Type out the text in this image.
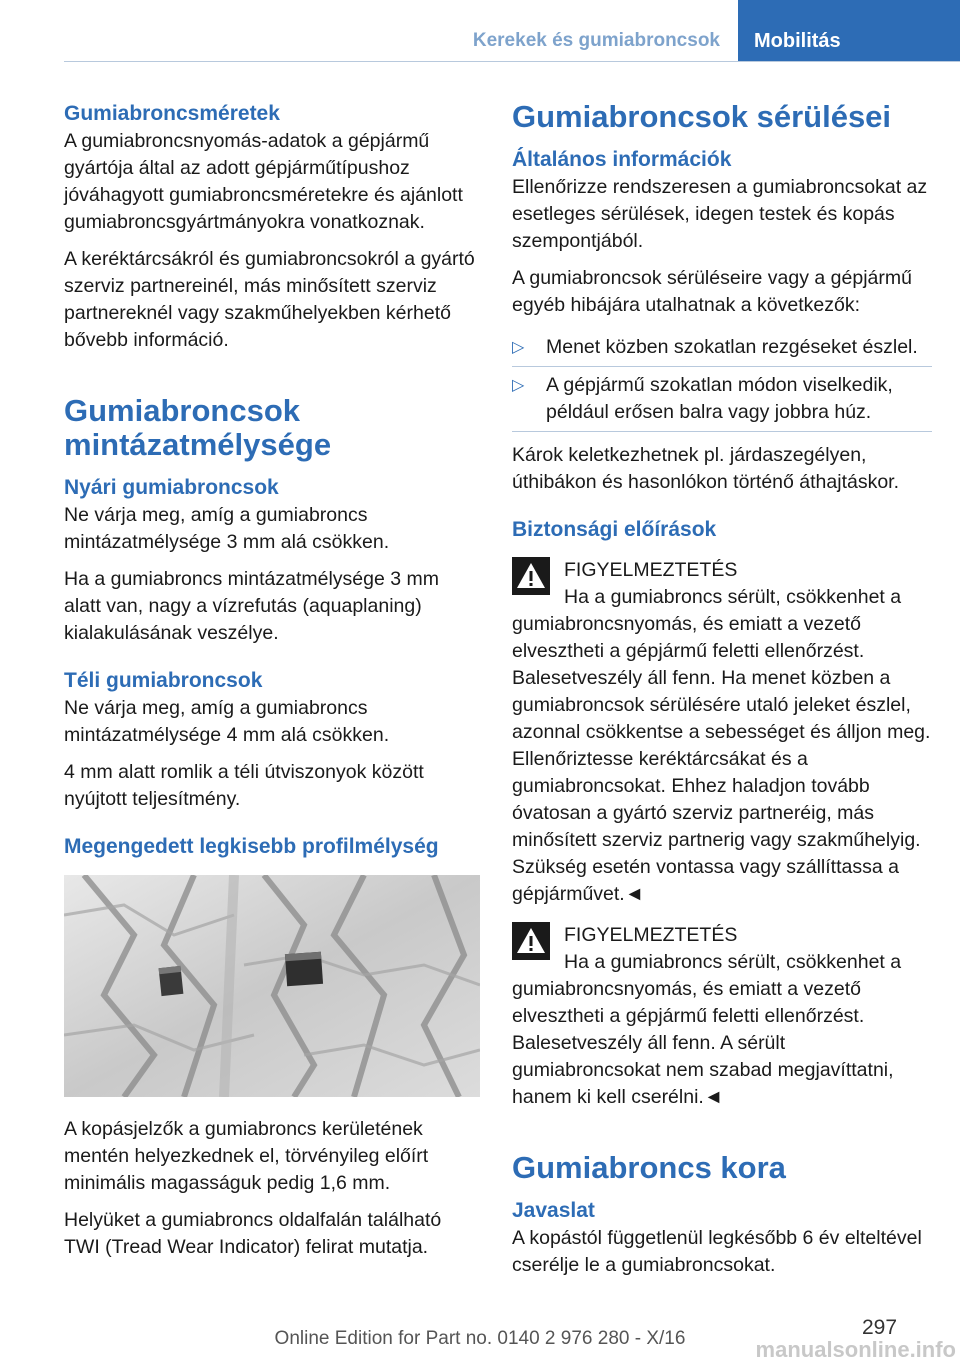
Kerekek és gumiabroncsok	Mobilitás
Gumiabroncsméretek

A gumiabroncsnyomás-adatok a gépjármű gyártója által az adott gépjárműtípushoz jóváhagyott gumiabroncsméretekre és ajánlott gumiabroncsgyártmányokra vonatkoznak.

A keréktárcsákról és gumiabroncsokról a gyártó szerviz partnereinél, más minősített szerviz partnereknél vagy szakműhelyekben kérhető bővebb információ.

Gumiabroncsok mintázatmélysége
Nyári gumiabroncsok

Ne várja meg, amíg a gumiabroncs mintázatmélysége 3 mm alá csökken.

Ha a gumiabroncs mintázatmélysége 3 mm alatt van, nagy a vízrefutás (aquaplaning) kialakulásának veszélye.

Téli gumiabroncsok

Ne várja meg, amíg a gumiabroncs mintázatmélysége 4 mm alá csökken.

4 mm alatt romlik a téli útviszonyok között nyújtott teljesítmény.

Megengedett legkisebb profilmélység

A kopásjelzők a gumiabroncs kerületének mentén helyezkednek el, törvényileg előírt minimális magasságuk pedig 1,6 mm.

Helyüket a gumiabroncs oldalfalán található TWI (Tread Wear Indicator) felirat mutatja.

Gumiabroncsok sérülései
Általános információk

Ellenőrizze rendszeresen a gumiabroncsokat az esetleges sérülések, idegen testek és kopás szempontjából.

A gumiabroncsok sérüléseire vagy a gépjármű egyéb hibájára utalhatnak a következők:

▷ Menet közben szokatlan rezgéseket észlel.
▷ A gépjármű szokatlan módon viselkedik, például erősen balra vagy jobbra húz.

Károk keletkezhetnek pl. járdaszegélyen, úthibákon és hasonlókon történő áthajtáskor.

Biztonsági előírások

FIGYELMEZTETÉS

Ha a gumiabroncs sérült, csökkenhet a gumiabroncsnyomás, és emiatt a vezető elvesztheti a gépjármű feletti ellenőrzést. Balesetveszély áll fenn. Ha menet közben a gumiabroncsok sérülésére utaló jeleket észlel, azonnal csökkentse a sebességet és álljon meg. Ellenőriztesse keréktárcsákat és a gumiabroncsokat. Ehhez haladjon tovább óvatosan a gyártó szerviz partneréig, más minősített szerviz partnerig vagy szakműhelyig. Szükség esetén vontassa vagy szállíttassa a gépjárművet.◄

FIGYELMEZTETÉS

Ha a gumiabroncs sérült, csökkenhet a gumiabroncsnyomás, és emiatt a vezető elvesztheti a gépjármű feletti ellenőrzést. Balesetveszély áll fenn. A sérült gumiabroncsokat nem szabad megjavíttatni, hanem ki kell cserélni.◄

Gumiabroncs kora
Javaslat

A kopástól függetlenül legkésőbb 6 év elteltével cserélje le a gumiabroncsokat.

297
Online Edition for Part no. 0140 2 976 280 - X/16	manualsonline.info
